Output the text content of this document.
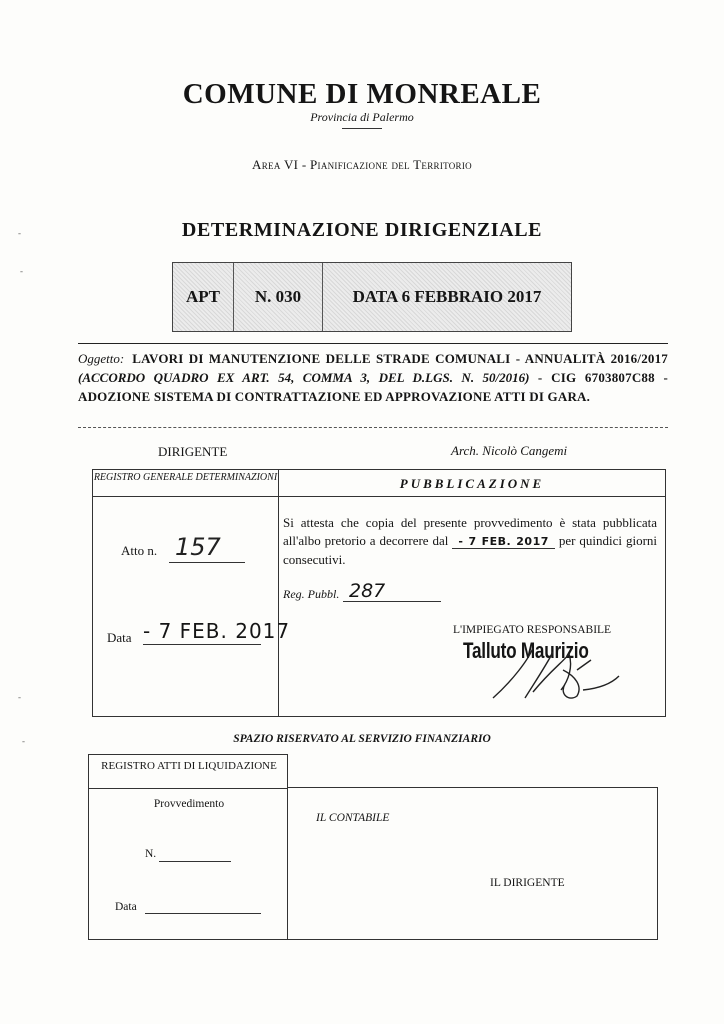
-
-
-
-
COMUNE DI MONREALE
Provincia di Palermo
Area VI - Pianificazione del Territorio
DETERMINAZIONE DIRIGENZIALE
APT	N. 030	DATA 6 FEBBRAIO 2017
Oggetto: LAVORI DI MANUTENZIONE DELLE STRADE COMUNALI - ANNUALITÀ 2016/2017 (ACCORDO QUADRO EX ART. 54, COMMA 3, DEL D.LGS. N. 50/2016) - CIG 6703807C88 - ADOZIONE SISTEMA DI CONTRATTAZIONE ED APPROVAZIONE ATTI DI GARA.
DIRIGENTE	Arch. Nicolò Cangemi
REGISTRO GENERALE DETERMINAZIONI	PUBBLICAZIONE
Atto n. 157
Data - 7 FEB. 2017
Si attesta che copia del presente provvedimento è stata pubblicata all'albo pretorio a decorrere dal - 7 FEB. 2017 per quindici giorni consecutivi.
Reg. Pubbl. 287
L'IMPIEGATO RESPONSABILE
Talluto Maurizio
SPAZIO RISERVATO AL SERVIZIO FINANZIARIO
REGISTRO ATTI DI LIQUIDAZIONE
Provvedimento
N.
Data
IL CONTABILE
IL DIRIGENTE
